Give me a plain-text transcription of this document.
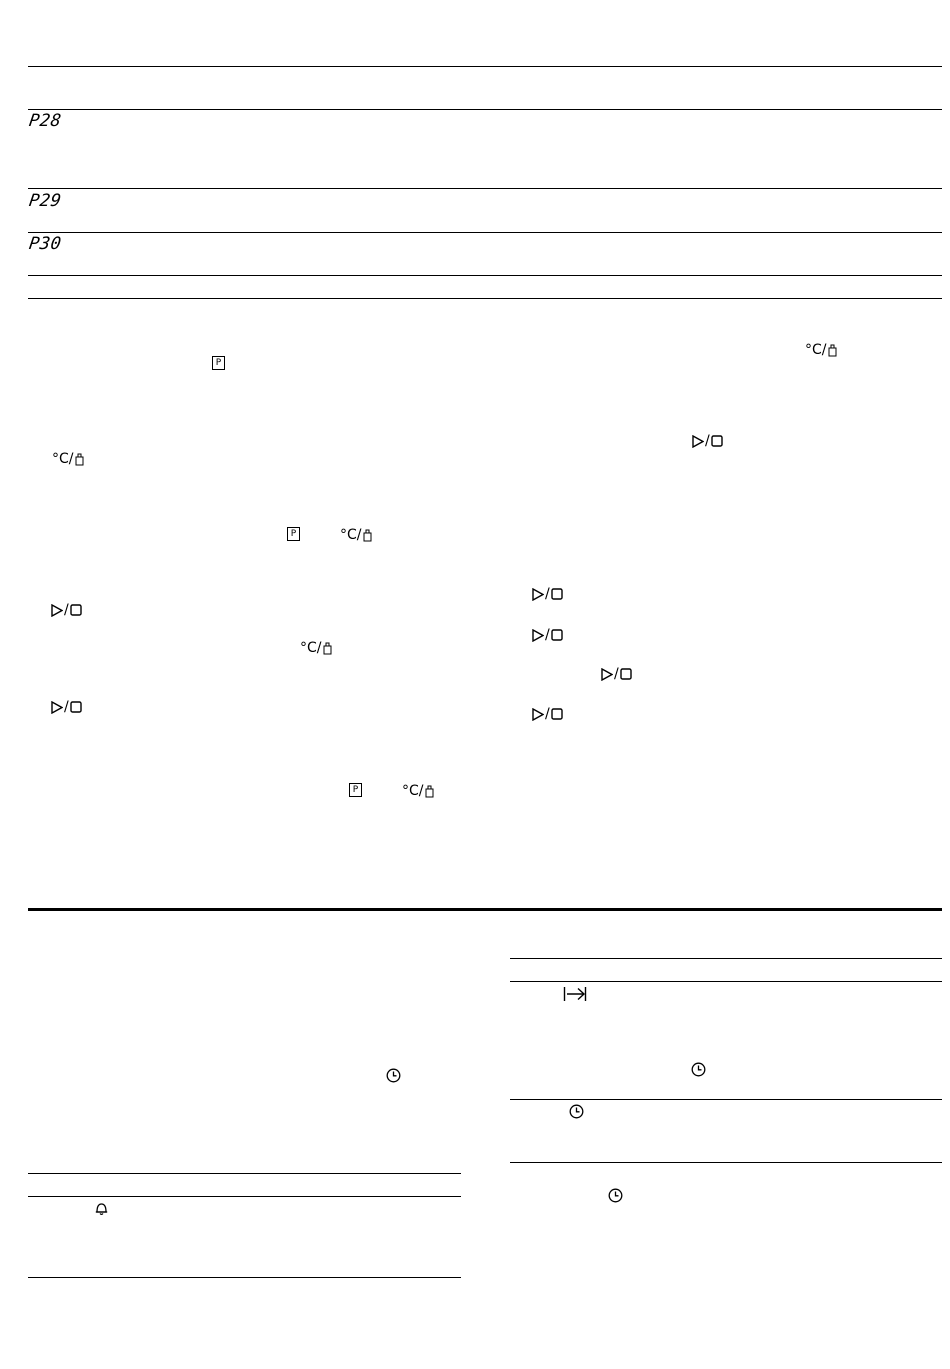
P28
P29
P30
P
°C/
P	°C/
/
°C/
/
P	°C/
°C/
/
/
/
/
/
